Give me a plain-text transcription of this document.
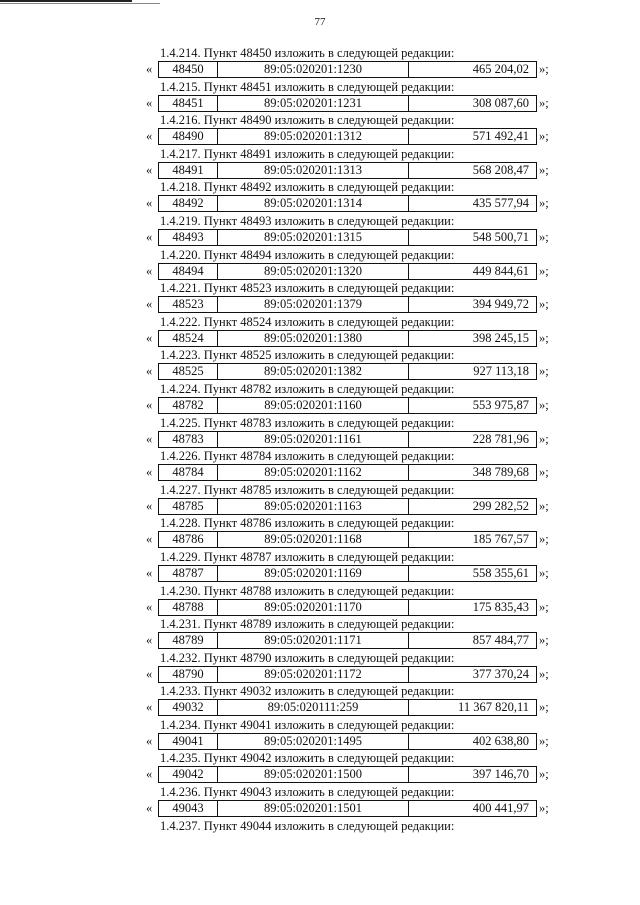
77
1.4.214. Пункт 48450 изложить в следующей редакции:
«	48450	89:05:020201:1230	465 204,02 »;
1.4.215. Пункт 48451 изложить в следующей редакции:
«	48451	89:05:020201:1231	308 087,60 »;
1.4.216. Пункт 48490 изложить в следующей редакции:
«	48490	89:05:020201:1312	571 492,41 »;
1.4.217. Пункт 48491 изложить в следующей редакции:
«	48491	89:05:020201:1313	568 208,47 »;
1.4.218. Пункт 48492 изложить в следующей редакции:
«	48492	89:05:020201:1314	435 577,94 »;
1.4.219. Пункт 48493 изложить в следующей редакции:
«	48493	89:05:020201:1315	548 500,71 »;
1.4.220. Пункт 48494 изложить в следующей редакции:
«	48494	89:05:020201:1320	449 844,61 »;
1.4.221. Пункт 48523 изложить в следующей редакции:
«	48523	89:05:020201:1379	394 949,72 »;
1.4.222. Пункт 48524 изложить в следующей редакции:
«	48524	89:05:020201:1380	398 245,15 »;
1.4.223. Пункт 48525 изложить в следующей редакции:
«	48525	89:05:020201:1382	927 113,18 »;
1.4.224. Пункт 48782 изложить в следующей редакции:
«	48782	89:05:020201:1160	553 975,87 »;
1.4.225. Пункт 48783 изложить в следующей редакции:
«	48783	89:05:020201:1161	228 781,96 »;
1.4.226. Пункт 48784 изложить в следующей редакции:
«	48784	89:05:020201:1162	348 789,68 »;
1.4.227. Пункт 48785 изложить в следующей редакции:
«	48785	89:05:020201:1163	299 282,52 »;
1.4.228. Пункт 48786 изложить в следующей редакции:
«	48786	89:05:020201:1168	185 767,57 »;
1.4.229. Пункт 48787 изложить в следующей редакции:
«	48787	89:05:020201:1169	558 355,61 »;
1.4.230. Пункт 48788 изложить в следующей редакции:
«	48788	89:05:020201:1170	175 835,43 »;
1.4.231. Пункт 48789 изложить в следующей редакции:
«	48789	89:05:020201:1171	857 484,77 »;
1.4.232. Пункт 48790 изложить в следующей редакции:
«	48790	89:05:020201:1172	377 370,24 »;
1.4.233. Пункт 49032 изложить в следующей редакции:
«	49032	89:05:020111:259	11 367 820,11 »;
1.4.234. Пункт 49041 изложить в следующей редакции:
«	49041	89:05:020201:1495	402 638,80 »;
1.4.235. Пункт 49042 изложить в следующей редакции:
«	49042	89:05:020201:1500	397 146,70 »;
1.4.236. Пункт 49043 изложить в следующей редакции:
«	49043	89:05:020201:1501	400 441,97 »;
1.4.237. Пункт 49044 изложить в следующей редакции:
